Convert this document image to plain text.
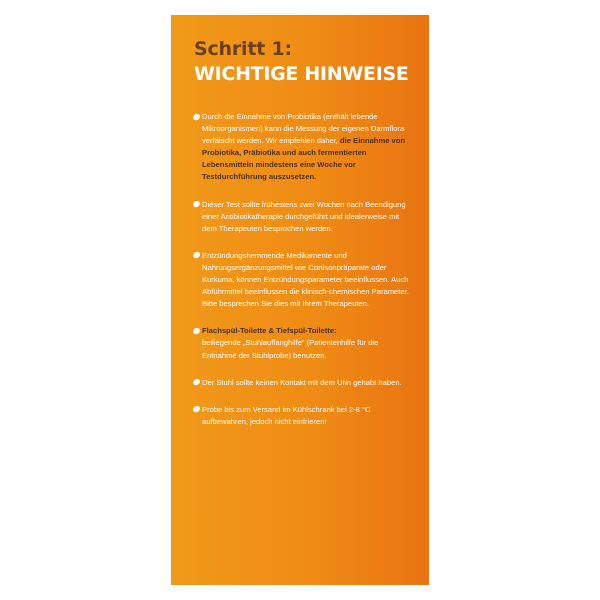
Schritt 1:
WICHTIGE HINWEISE
Durch die Einnahme von Probiotika (enthält lebende Mikroorganismen) kann die Messung der eigenen Darmflora verfälscht werden. Wir empfehlen daher, die Einnahme von Probiotika, Präbiotika und auch fermentierten Lebensmitteln mindestens eine Woche vor Testdurchführung auszusetzen.
Dieser Test sollte frühestens zwei Wochen nach Beendigung einer Antibiotikatherapie durchgeführt und idealerweise mit dem Therapeuten besprochen werden.
Entzündungshemmende Medikamente und Nahrungsergänzungsmittel wie Cortisonpräparate oder Kurkuma, können Entzündungsparameter beeinflussen. Auch Abführmittel beeinflussen die klinisch-chemischen Parameter. Bitte besprechen Sie dies mit Ihrem Therapeuten.
Flachspül-Toilette & Tiefspül-Toilette:
beiliegende „Stuhlauffanghilfe“ (Patientenhilfe für die Entnahme der Stuhlprobe) benutzen.
Der Stuhl sollte keinen Kontakt mit dem Urin gehabt haben.
Probe bis zum Versand im Kühlschrank bei 2-8 °C aufbewahren, jedoch nicht einfrieren!
